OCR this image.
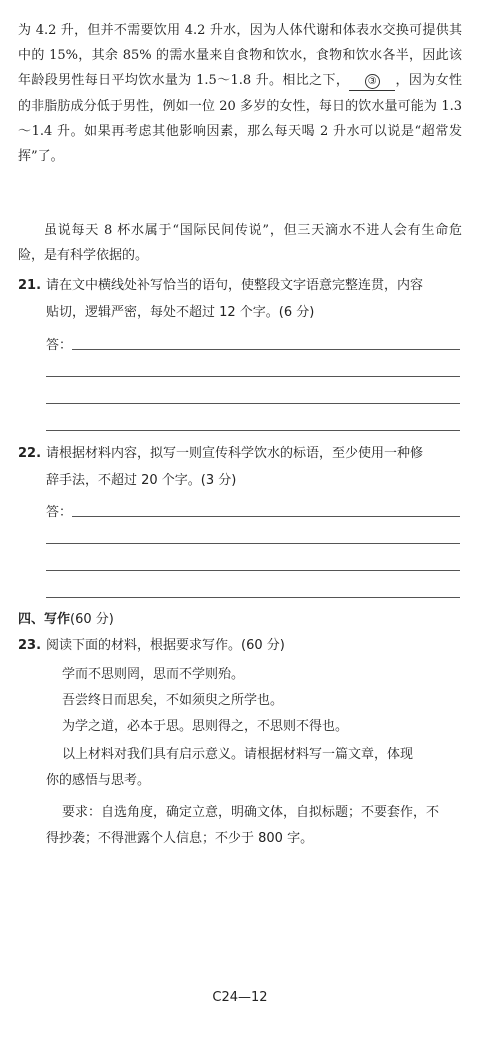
为 4.2 升，但并不需要饮用 4.2 升水，因为人体代谢和体表水交换可提供其中的 15%，其余 85% 的需水量来自食物和饮水，食物和饮水各半，因此该年龄段男性每日平均饮水量为 1.5～1.8 升。相比之下， ③ ，因为女性的非脂肪成分低于男性，例如一位 20 多岁的女性，每日的饮水量可能为 1.3～1.4 升。如果再考虑其他影响因素，那么每天喝 2 升水可以说是“超常发挥”了。
虽说每天 8 杯水属于“国际民间传说”，但三天滴水不进人会有生命危险，是有科学依据的。
21. 请在文中横线处补写恰当的语句，使整段文字语意完整连贯，内容
贴切，逻辑严密，每处不超过 12 个字。(6 分)
答：
22. 请根据材料内容，拟写一则宣传科学饮水的标语，至少使用一种修
辞手法，不超过 20 个字。(3 分)
答：
四、写作(60 分)
23. 阅读下面的材料，根据要求写作。(60 分)
学而不思则罔，思而不学则殆。
吾尝终日而思矣，不如须臾之所学也。
为学之道，必本于思。思则得之，不思则不得也。
以上材料对我们具有启示意义。请根据材料写一篇文章，体现
你的感悟与思考。
要求：自选角度，确定立意，明确文体，自拟标题；不要套作，不
得抄袭；不得泄露个人信息；不少于 800 字。
C24—12
